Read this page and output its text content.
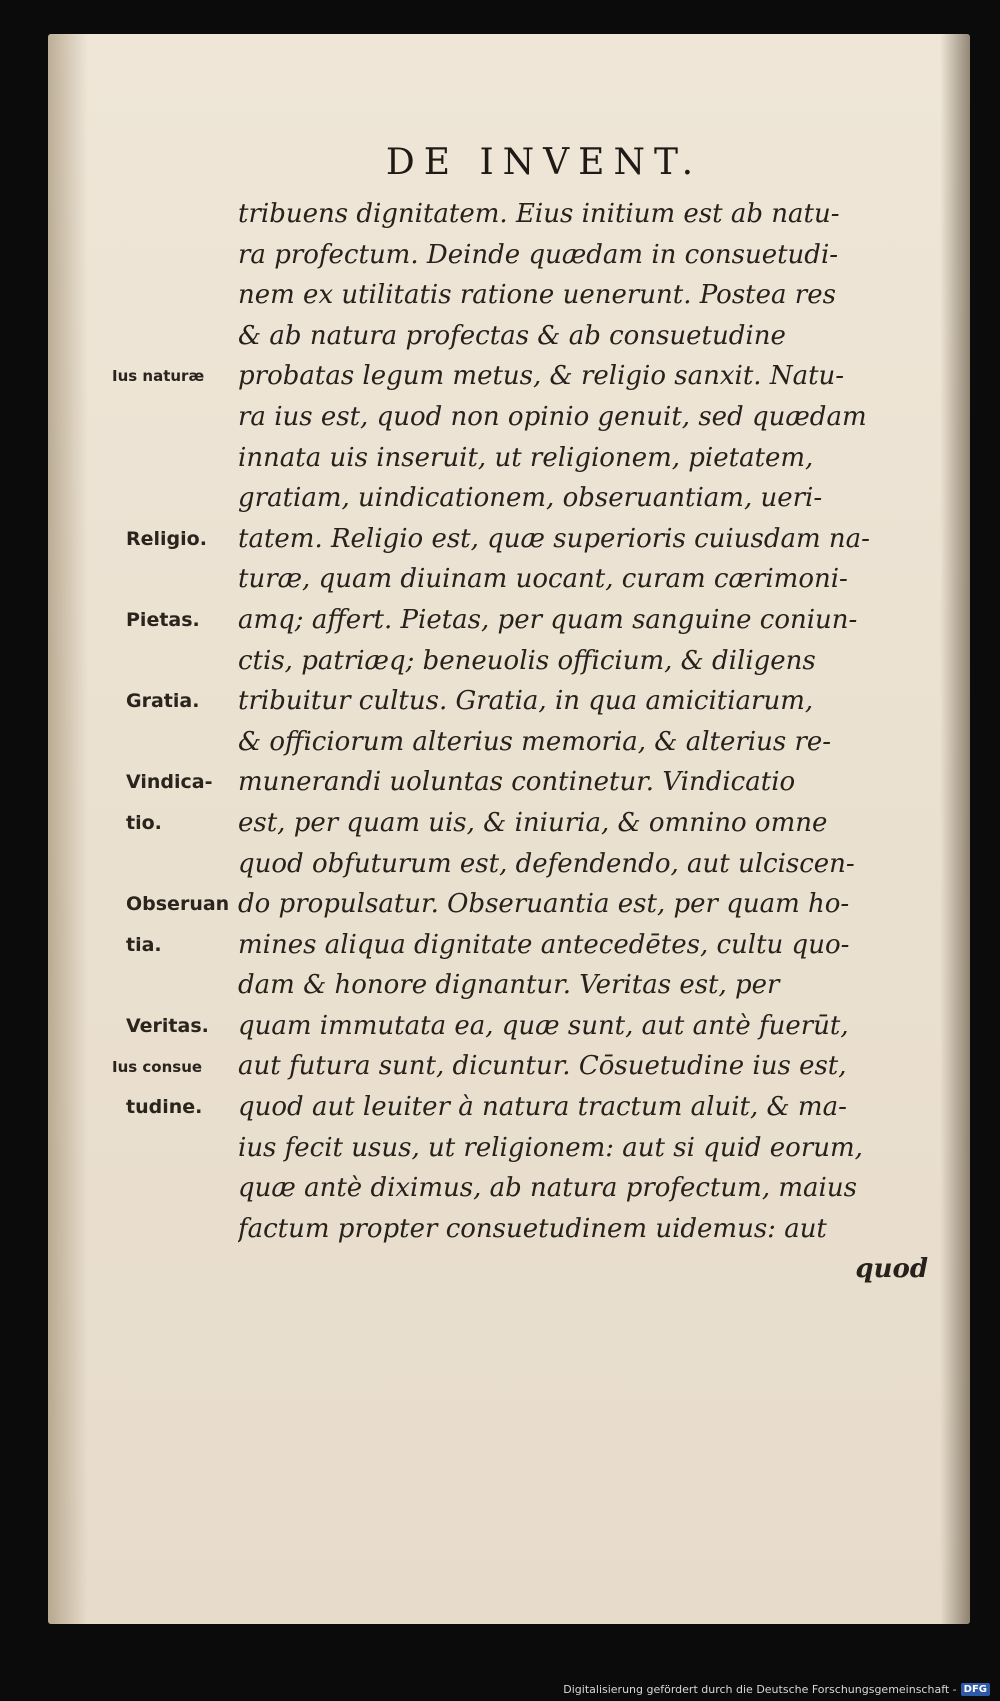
DE INVENT.
tribuens dignitatem. Eius initium est ab natu-
ra profectum. Deinde quædam in consuetudi-
nem ex utilitatis ratione uenerunt. Postea res
& ab natura profectas & ab consuetudine
probatas legum metus, & religio sanxit. Natu-
ra ius est, quod non opinio genuit, sed quædam
innata uis inseruit, ut religionem, pietatem,
gratiam, uindicationem, obseruantiam, ueri-
tatem. Religio est, quæ superioris cuiusdam na-
turæ, quam diuinam uocant, curam cærimoni-
amq; affert. Pietas, per quam sanguine coniun-
ctis, patriæq; beneuolis officium, & diligens
tribuitur cultus. Gratia, in qua amicitiarum,
& officiorum alterius memoria, & alterius re-
munerandi uoluntas continetur. Vindicatio
est, per quam uis, & iniuria, & omnino omne
quod obfuturum est, defendendo, aut ulciscen-
do propulsatur. Obseruantia est, per quam ho-
mines aliqua dignitate antecedētes, cultu quo-
dam & honore dignantur. Veritas est, per
quam immutata ea, quæ sunt, aut antè fuerūt,
aut futura sunt, dicuntur. Cōsuetudine ius est,
quod aut leuiter à natura tractum aluit, & ma-
ius fecit usus, ut religionem: aut si quid eorum,
quæ antè diximus, ab natura profectum, maius
factum propter consuetudinem uidemus: aut
quod
Ius naturæ
Religio.
Pietas.
Gratia.
Vindica-
tio.
Obseruan
tia.
Veritas.
Ius consue
tudine.
Digitalisierung gefördert durch die Deutsche Forschungsgemeinschaft - DFG
